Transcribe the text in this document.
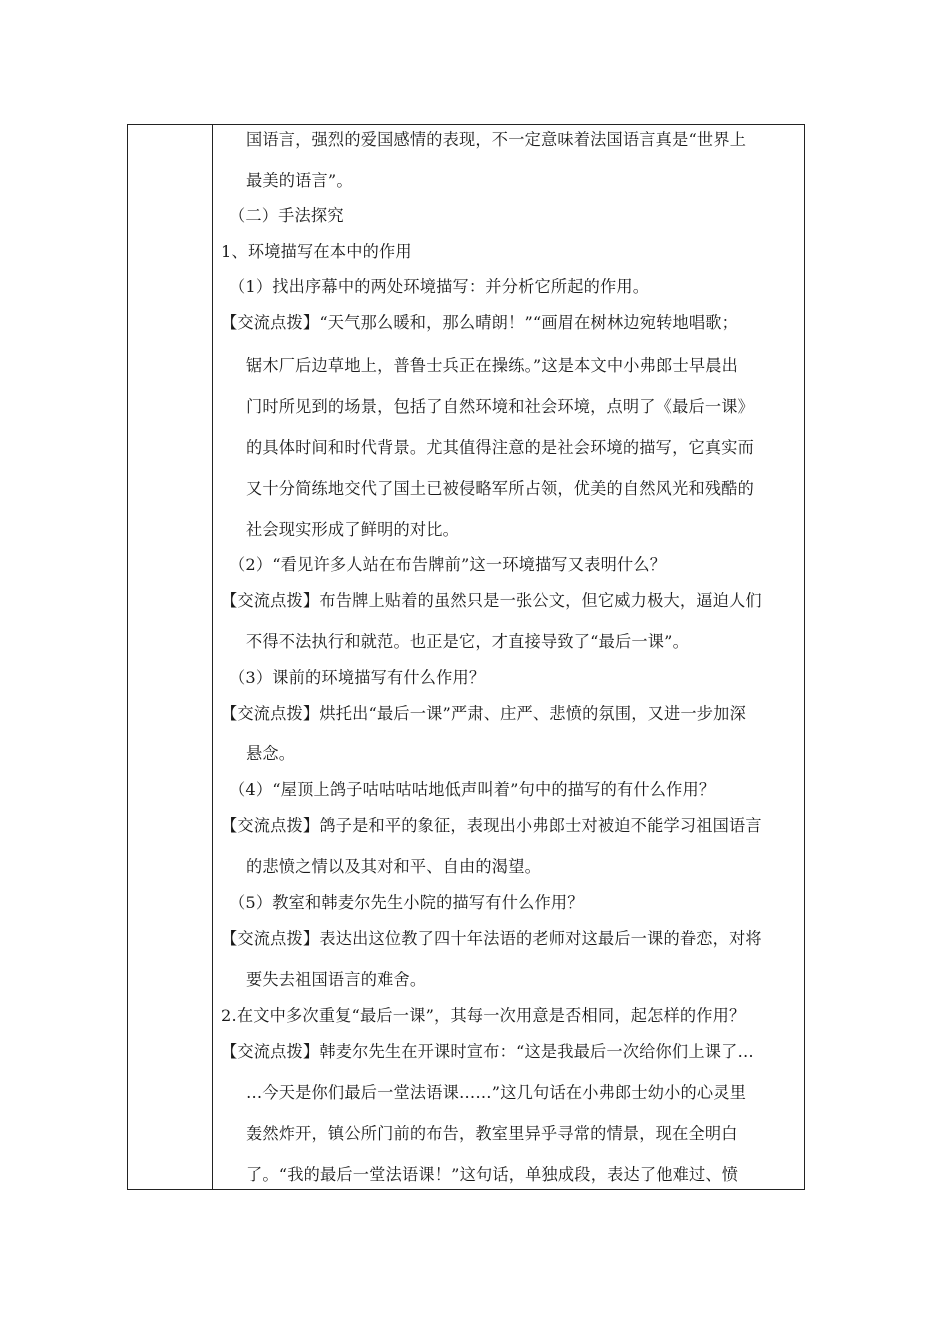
国语言，强烈的爱国感情的表现，不一定意味着法国语言真是“世界上
最美的语言”。
（二）手法探究
1、环境描写在本中的作用
（1）找出序幕中的两处环境描写：并分析它所起的作用。
【交流点拨】“天气那么暖和，那么晴朗！”“画眉在树林边宛转地唱歌；
锯木厂后边草地上，普鲁士兵正在操练。”这是本文中小弗郎士早晨出
门时所见到的场景，包括了自然环境和社会环境，点明了《最后一课》
的具体时间和时代背景。尤其值得注意的是社会环境的描写，它真实而
又十分简练地交代了国土已被侵略军所占领，优美的自然风光和残酷的
社会现实形成了鲜明的对比。
（2）“看见许多人站在布告牌前”这一环境描写又表明什么？
【交流点拨】布告牌上贴着的虽然只是一张公文，但它威力极大，逼迫人们
不得不法执行和就范。也正是它，才直接导致了“最后一课”。
（3）课前的环境描写有什么作用？
【交流点拨】烘托出“最后一课”严肃、庄严、悲愤的氛围，又进一步加深
悬念。
（4）“屋顶上鸽子咕咕咕咕地低声叫着”句中的描写的有什么作用？
【交流点拨】鸽子是和平的象征，表现出小弗郎士对被迫不能学习祖国语言
的悲愤之情以及其对和平、自由的渴望。
（5）教室和韩麦尔先生小院的描写有什么作用？
【交流点拨】表达出这位教了四十年法语的老师对这最后一课的眷恋，对将
要失去祖国语言的难舍。
2.在文中多次重复“最后一课”，其每一次用意是否相同，起怎样的作用？
【交流点拨】韩麦尔先生在开课时宣布：“这是我最后一次给你们上课了…
…今天是你们最后一堂法语课……”这几句话在小弗郎士幼小的心灵里
轰然炸开，镇公所门前的布告，教室里异乎寻常的情景，现在全明白
了。“我的最后一堂法语课！”这句话，单独成段，表达了他难过、愤
